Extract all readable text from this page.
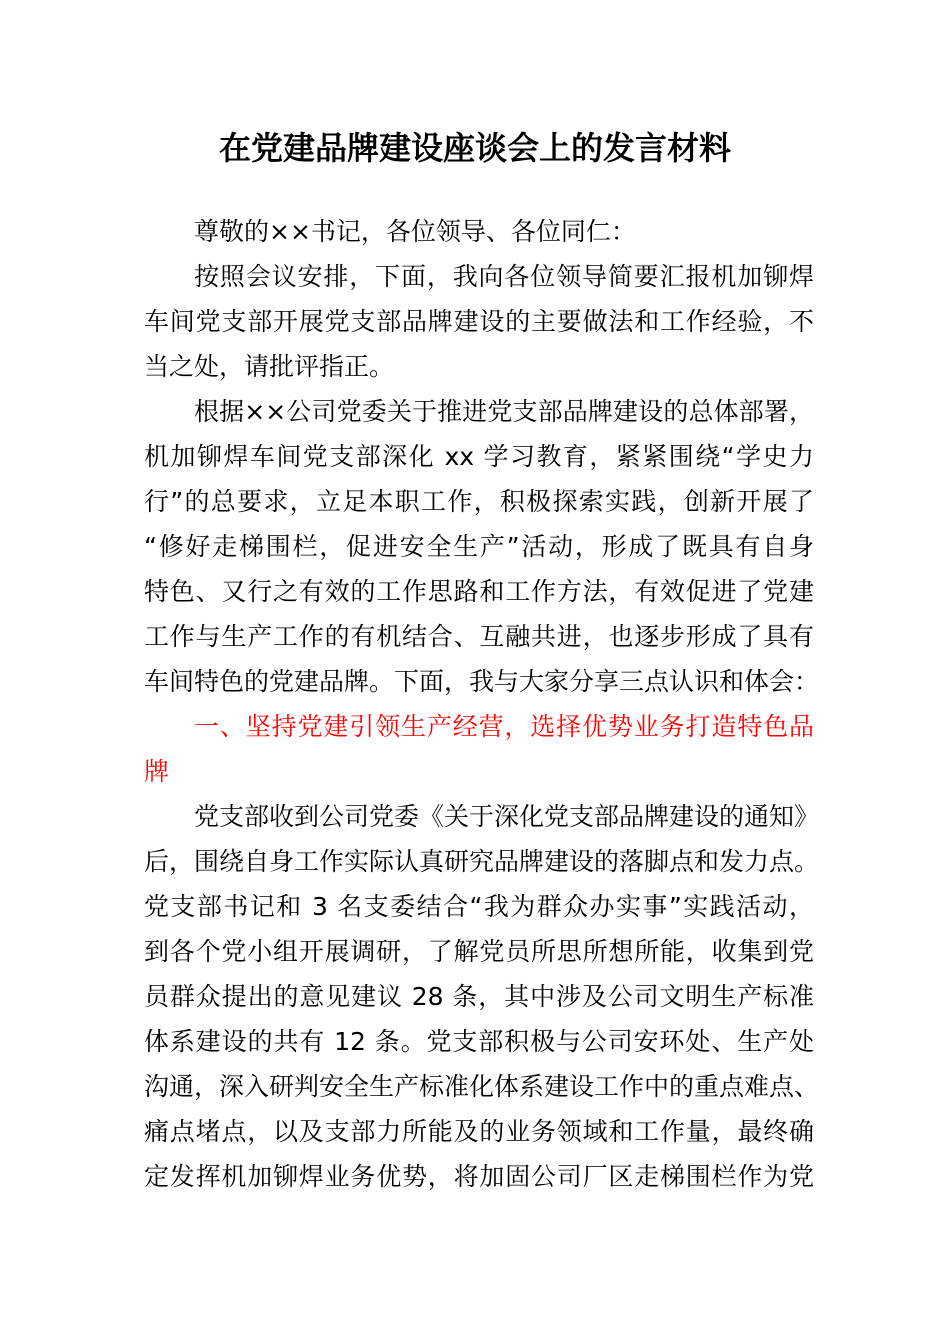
在党建品牌建设座谈会上的发言材料
尊敬的××书记，各位领导、各位同仁：
按照会议安排，下面，我向各位领导简要汇报机加铆焊
车间党支部开展党支部品牌建设的主要做法和工作经验，不
当之处，请批评指正。
根据××公司党委关于推进党支部品牌建设的总体部署，
机加铆焊车间党支部深化 xx 学习教育，紧紧围绕“学史力
行”的总要求，立足本职工作，积极探索实践，创新开展了
“修好走梯围栏，促进安全生产”活动，形成了既具有自身
特色、又行之有效的工作思路和工作方法，有效促进了党建
工作与生产工作的有机结合、互融共进，也逐步形成了具有
车间特色的党建品牌。下面，我与大家分享三点认识和体会：
一、坚持党建引领生产经营，选择优势业务打造特色品
牌
党支部收到公司党委《关于深化党支部品牌建设的通知》
后，围绕自身工作实际认真研究品牌建设的落脚点和发力点。
党支部书记和 3 名支委结合“我为群众办实事”实践活动，
到各个党小组开展调研，了解党员所思所想所能，收集到党
员群众提出的意见建议 28 条，其中涉及公司文明生产标准
体系建设的共有 12 条。党支部积极与公司安环处、生产处
沟通，深入研判安全生产标准化体系建设工作中的重点难点、
痛点堵点，以及支部力所能及的业务领域和工作量，最终确
定发挥机加铆焊业务优势，将加固公司厂区走梯围栏作为党
